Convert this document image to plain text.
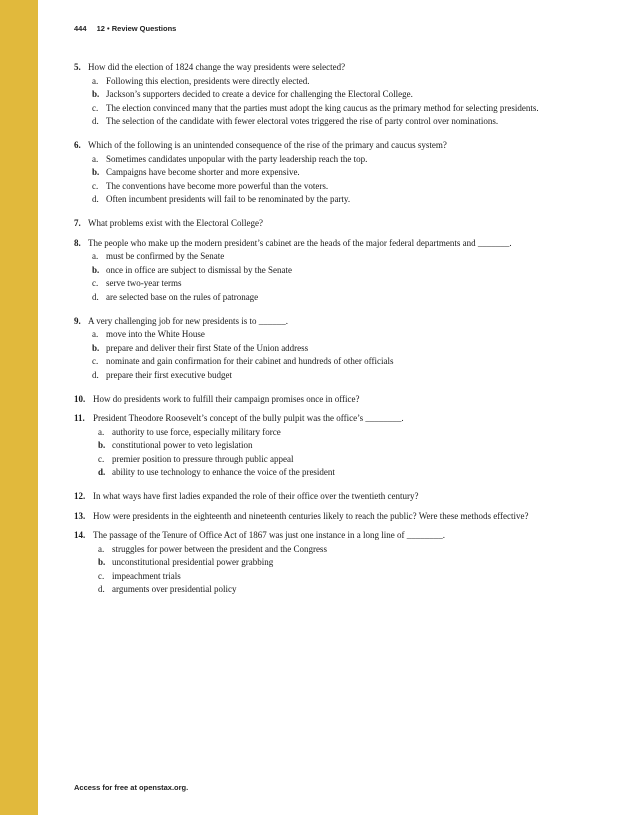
444 12 • Review Questions
5. How did the election of 1824 change the way presidents were selected?
a. Following this election, presidents were directly elected.
b. Jackson’s supporters decided to create a device for challenging the Electoral College.
c. The election convinced many that the parties must adopt the king caucus as the primary method for selecting presidents.
d. The selection of the candidate with fewer electoral votes triggered the rise of party control over nominations.
6. Which of the following is an unintended consequence of the rise of the primary and caucus system?
a. Sometimes candidates unpopular with the party leadership reach the top.
b. Campaigns have become shorter and more expensive.
c. The conventions have become more powerful than the voters.
d. Often incumbent presidents will fail to be renominated by the party.
7. What problems exist with the Electoral College?
8. The people who make up the modern president’s cabinet are the heads of the major federal departments and _______.
a. must be confirmed by the Senate
b. once in office are subject to dismissal by the Senate
c. serve two-year terms
d. are selected base on the rules of patronage
9. A very challenging job for new presidents is to ______.
a. move into the White House
b. prepare and deliver their first State of the Union address
c. nominate and gain confirmation for their cabinet and hundreds of other officials
d. prepare their first executive budget
10. How do presidents work to fulfill their campaign promises once in office?
11. President Theodore Roosevelt’s concept of the bully pulpit was the office’s ________.
a. authority to use force, especially military force
b. constitutional power to veto legislation
c. premier position to pressure through public appeal
d. ability to use technology to enhance the voice of the president
12. In what ways have first ladies expanded the role of their office over the twentieth century?
13. How were presidents in the eighteenth and nineteenth centuries likely to reach the public? Were these methods effective?
14. The passage of the Tenure of Office Act of 1867 was just one instance in a long line of ________.
a. struggles for power between the president and the Congress
b. unconstitutional presidential power grabbing
c. impeachment trials
d. arguments over presidential policy
Access for free at openstax.org.
